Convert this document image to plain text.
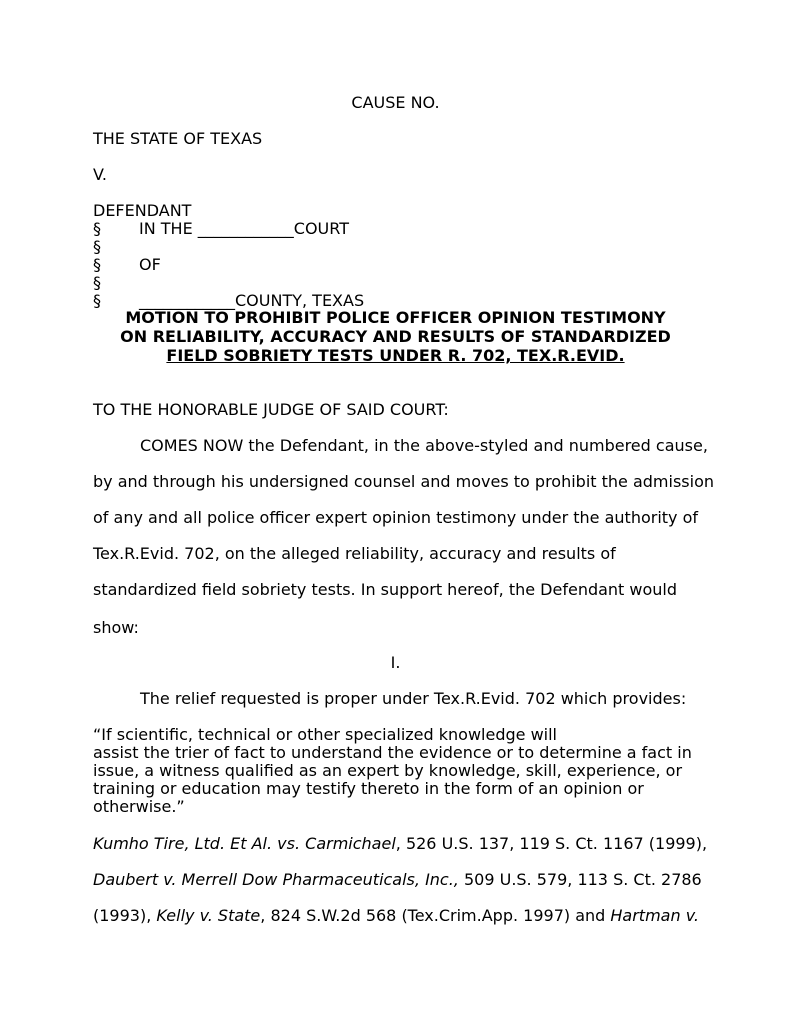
CAUSE NO.
THE STATE OF TEXAS
V.
DEFENDANT
§ IN THE ____________COURT
§
§ OF
§
§ ____________COUNTY, TEXAS
MOTION TO PROHIBIT POLICE OFFICER OPINION TESTIMONY
ON RELIABILITY, ACCURACY AND RESULTS OF STANDARDIZED
FIELD SOBRIETY TESTS UNDER R. 702, TEX.R.EVID.
TO THE HONORABLE JUDGE OF SAID COURT:
COMES NOW the Defendant, in the above-styled and numbered cause,
by and through his undersigned counsel and moves to prohibit the admission
of any and all police officer expert opinion testimony under the authority of
Tex.R.Evid. 702, on the alleged reliability, accuracy and results of
standardized field sobriety tests. In support hereof, the Defendant would
show:
I.
The relief requested is proper under Tex.R.Evid. 702 which provides:
“If scientific, technical or other specialized knowledge will
assist the trier of fact to understand the evidence or to determine a fact in
issue, a witness qualified as an expert by knowledge, skill, experience, or
training or education may testify thereto in the form of an opinion or
otherwise.”
Kumho Tire, Ltd. Et Al. vs. Carmichael, 526 U.S. 137, 119 S. Ct. 1167 (1999),
Daubert v. Merrell Dow Pharmaceuticals, Inc., 509 U.S. 579, 113 S. Ct. 2786
(1993), Kelly v. State, 824 S.W.2d 568 (Tex.Crim.App. 1997) and Hartman v.
